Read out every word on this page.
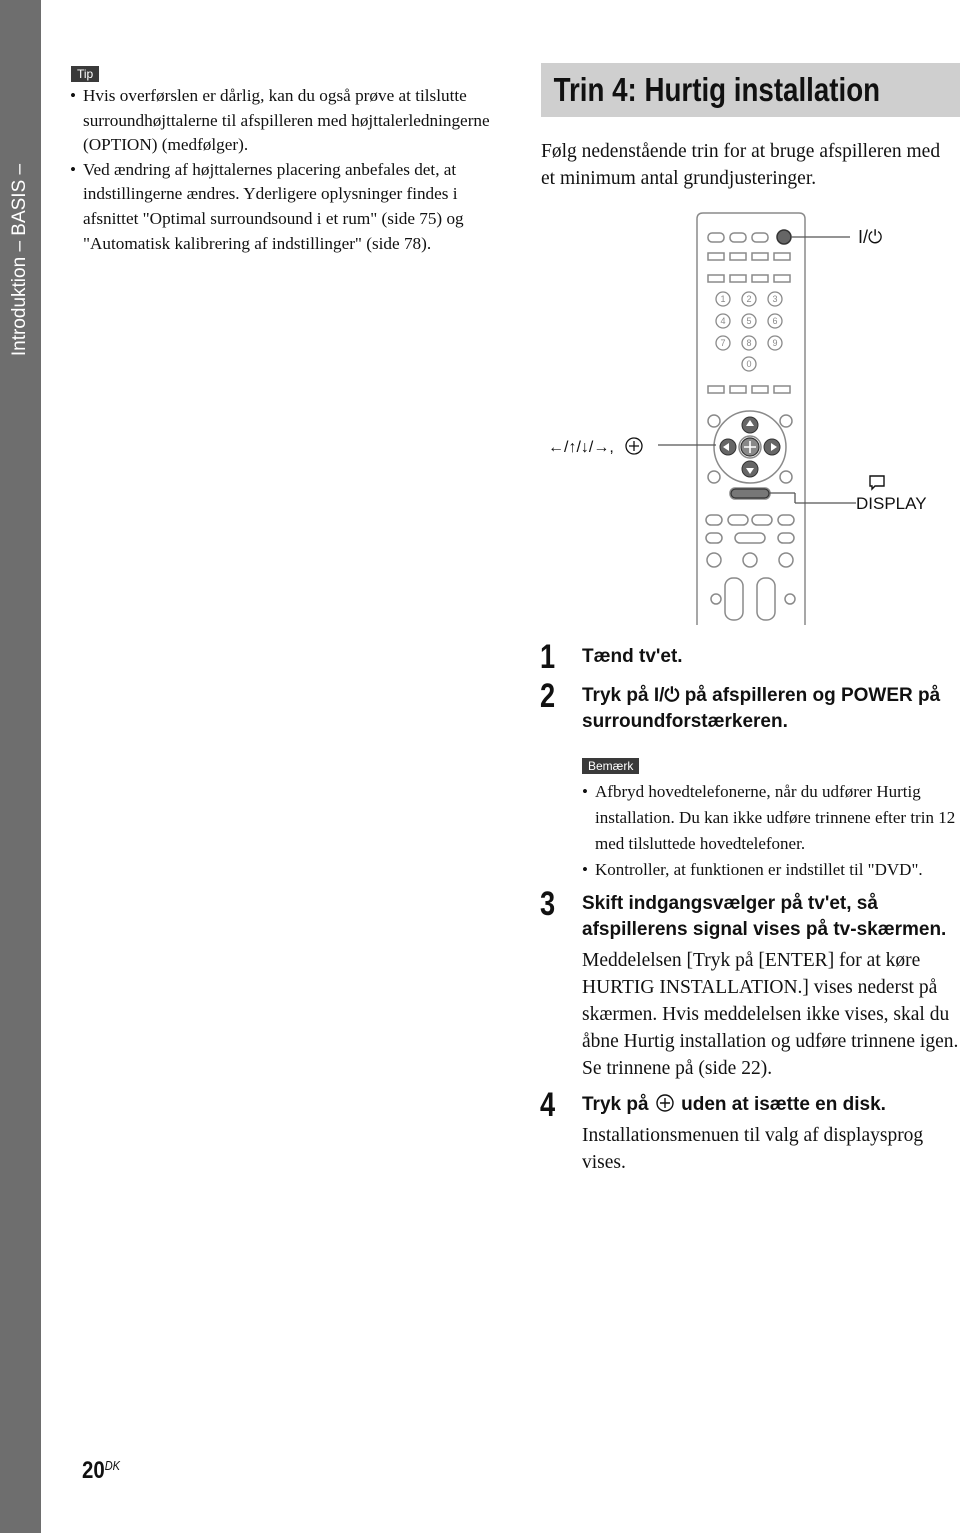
Introduktion – BASIS –
Tip

• Hvis overførslen er dårlig, kan du også prøve at tilslutte surroundhøjttalerne til afspilleren med højttalerledningerne (OPTION) (medfølger).

• Ved ændring af højttalernes placering anbefales det, at indstillingerne ændres. Yderligere oplysninger findes i afsnittet "Optimal surroundsound i et rum" (side 75) og "Automatisk kalibrering af indstillinger" (side 78).

Trin 4: Hurtig installation

Følg nedenstående trin for at bruge afspilleren med et minimum antal grundjusteringer.

1 2 3
4 5 6
7 8 9
0
I/⏻
←/↑/↓/→,
DISPLAY
1 Tænd tv'et.

2 Tryk på I/⏻ på afspilleren og POWER på surroundforstærkeren.

Bemærk

• Afbryd hovedtelefonerne, når du udfører Hurtig installation. Du kan ikke udføre trinnene efter trin 12 med tilsluttede hovedtelefoner.

• Kontroller, at funktionen er indstillet til "DVD".

3 Skift indgangsvælger på tv'et, så afspillerens signal vises på tv-skærmen.

Meddelelsen [Tryk på [ENTER] for at køre HURTIG INSTALLATION.] vises nederst på skærmen. Hvis meddelelsen ikke vises, skal du åbne Hurtig installation og udføre trinnene igen. Se trinnene på (side 22).

4 Tryk på  uden at isætte en disk.

Installationsmenuen til valg af displaysprog vises.

$20^{DK}$
